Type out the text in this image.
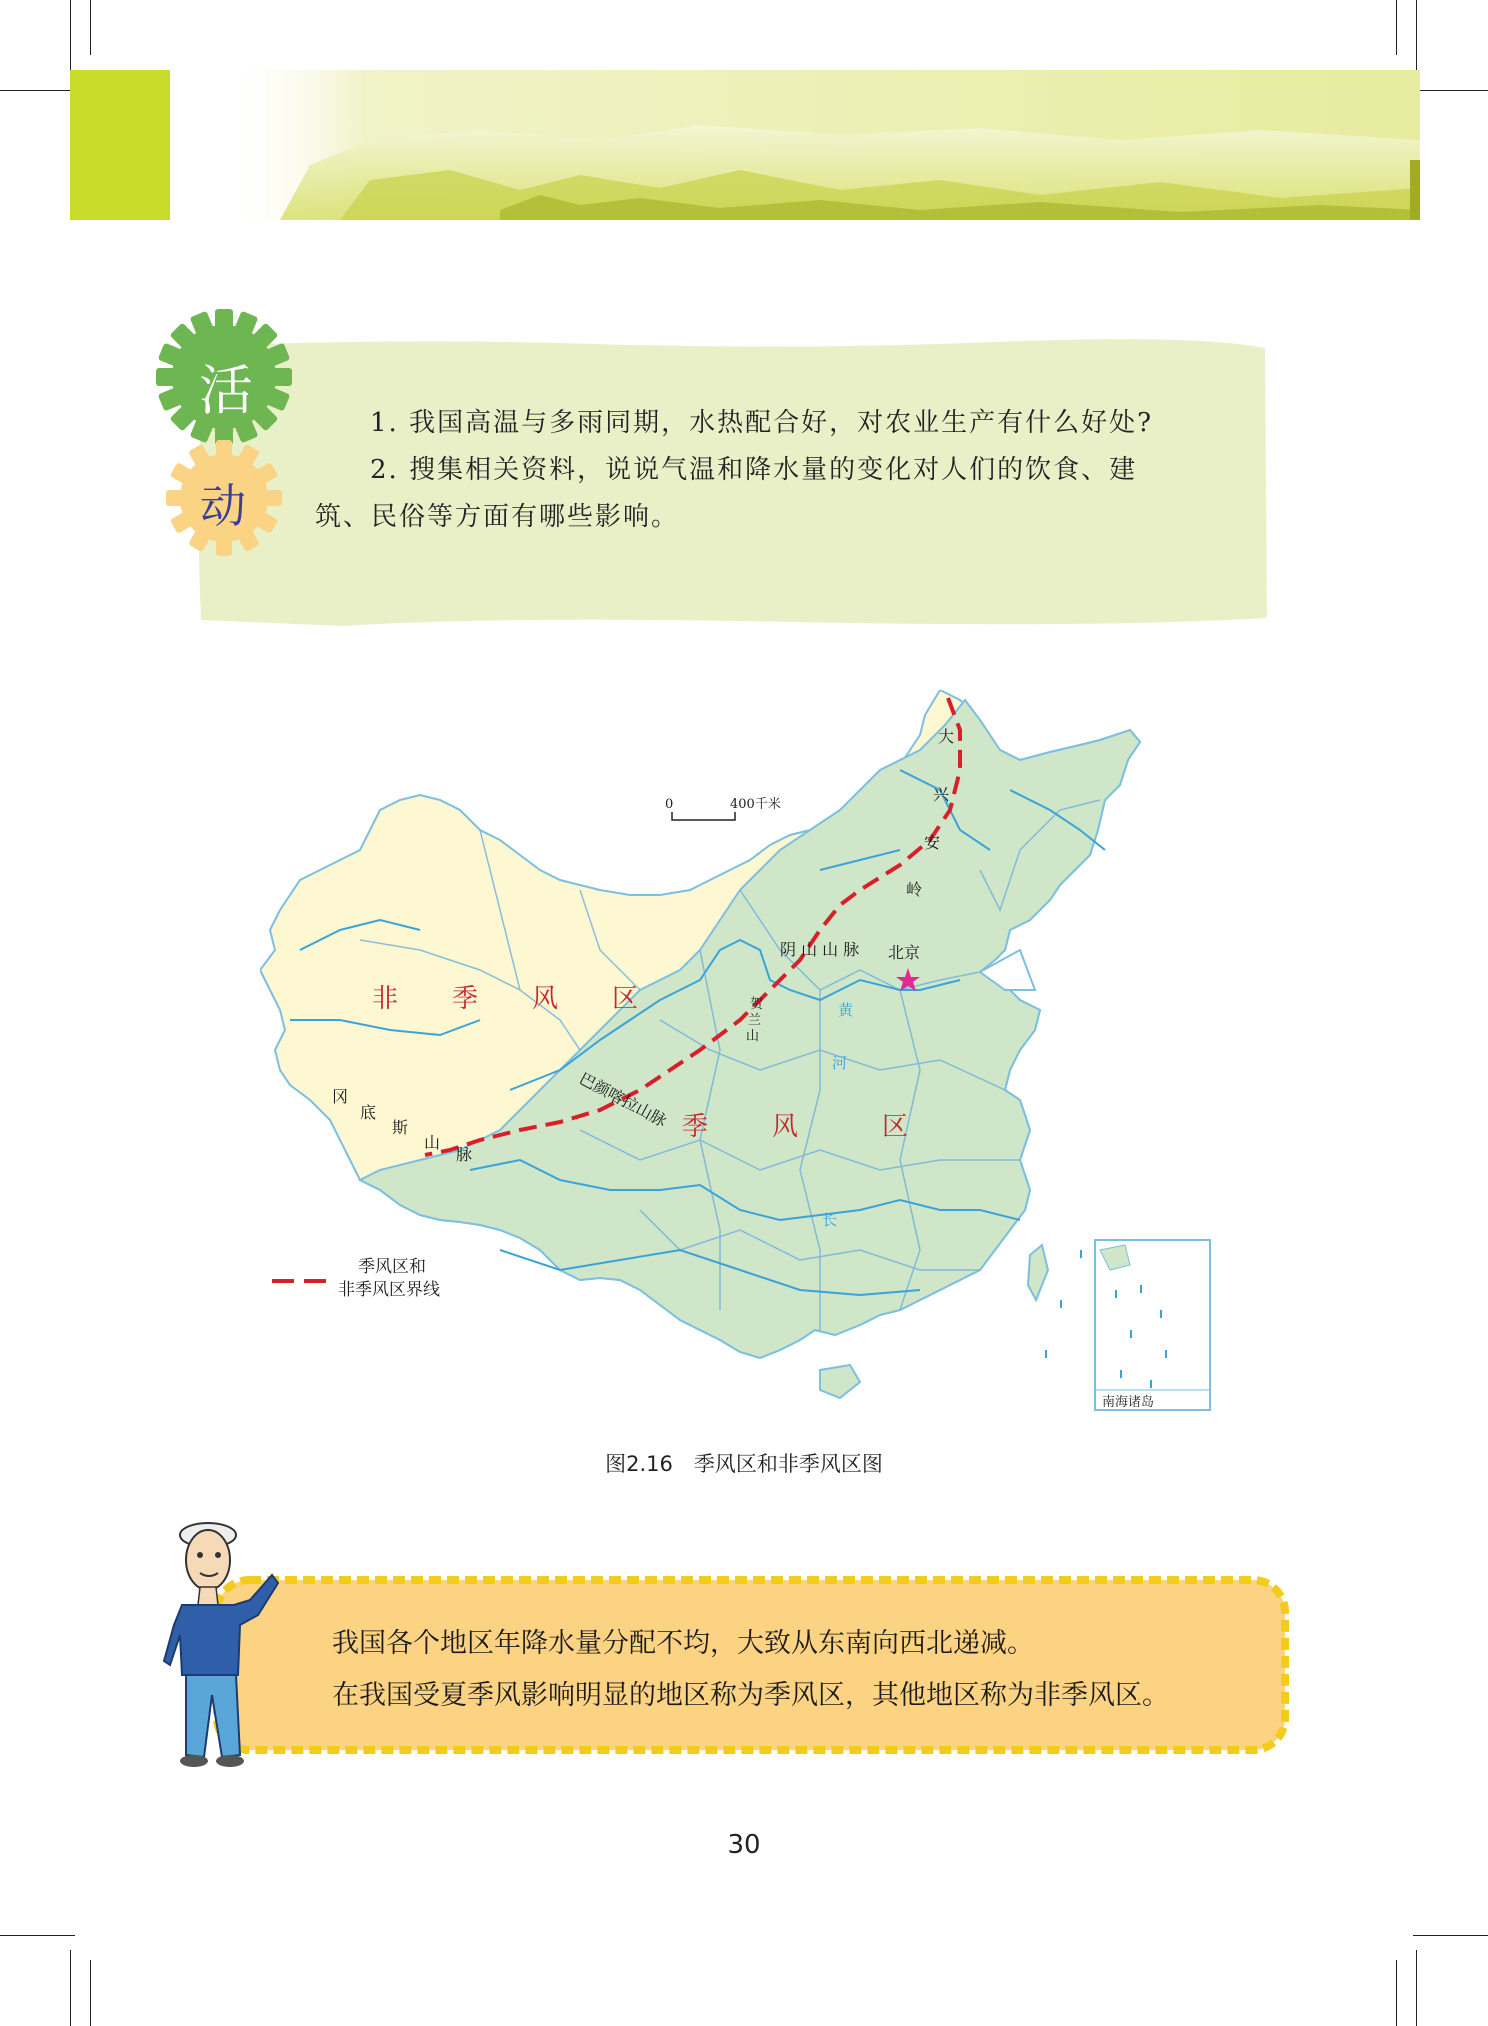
活
动

1. 我国高温与多雨同期，水热配合好，对农业生产有什么好处?

2. 搜集相关资料，说说气温和降水量的变化对人们的饮食、建

筑、民俗等方面有哪些影响。

南海诸岛
0	400千米
非 季 风 区
季 风	区
大
兴
安
岭
阴 山 山 脉 北京
贺
兰
山
巴颜喀拉山脉
冈
底
斯
山
脉
黄
河
长
季风区和
非季风区界线
图2.16　季风区和非季风区图

我国各个地区年降水量分配不均，大致从东南向西北递减。

在我国受夏季风影响明显的地区称为季风区，其他地区称为非季风区。

30
